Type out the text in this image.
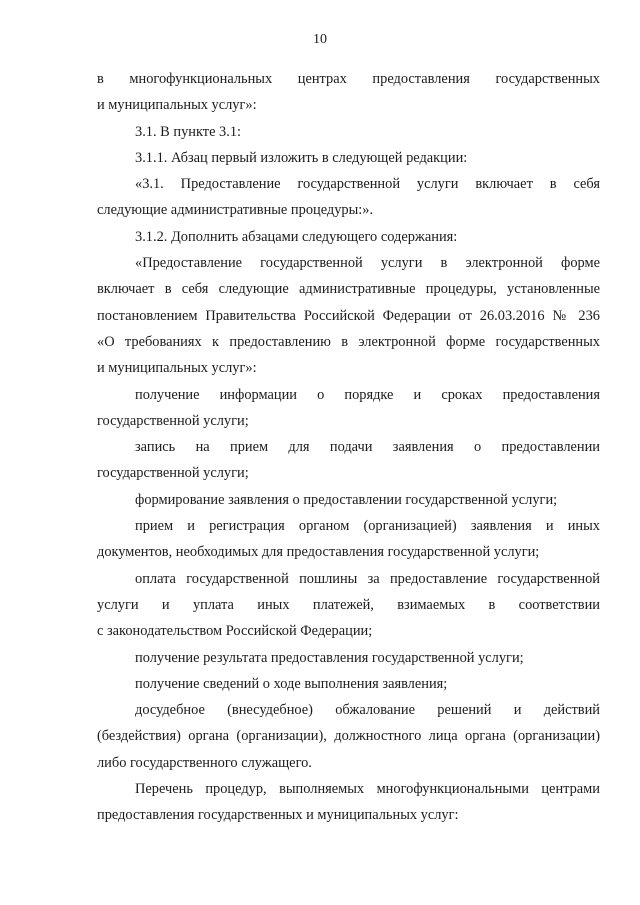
10
в многофункциональных центрах предоставления государственных
и муниципальных услуг»:
3.1. В пункте 3.1:
3.1.1. Абзац первый изложить в следующей редакции:
«3.1. Предоставление государственной услуги включает в себя
следующие административные процедуры:».
3.1.2. Дополнить абзацами следующего содержания:
«Предоставление государственной услуги в электронной форме
включает в себя следующие административные процедуры, установленные
постановлением Правительства Российской Федерации от 26.03.2016 № 236
«О требованиях к предоставлению в электронной форме государственных
и муниципальных услуг»:
получение информации о порядке и сроках предоставления
государственной услуги;
запись на прием для подачи заявления о предоставлении
государственной услуги;
формирование заявления о предоставлении государственной услуги;
прием и регистрация органом (организацией) заявления и иных
документов, необходимых для предоставления государственной услуги;
оплата государственной пошлины за предоставление государственной
услуги и уплата иных платежей, взимаемых в соответствии
с законодательством Российской Федерации;
получение результата предоставления государственной услуги;
получение сведений о ходе выполнения заявления;
досудебное (внесудебное) обжалование решений и действий
(бездействия) органа (организации), должностного лица органа (организации)
либо государственного служащего.
Перечень процедур, выполняемых многофункциональными центрами
предоставления государственных и муниципальных услуг:
